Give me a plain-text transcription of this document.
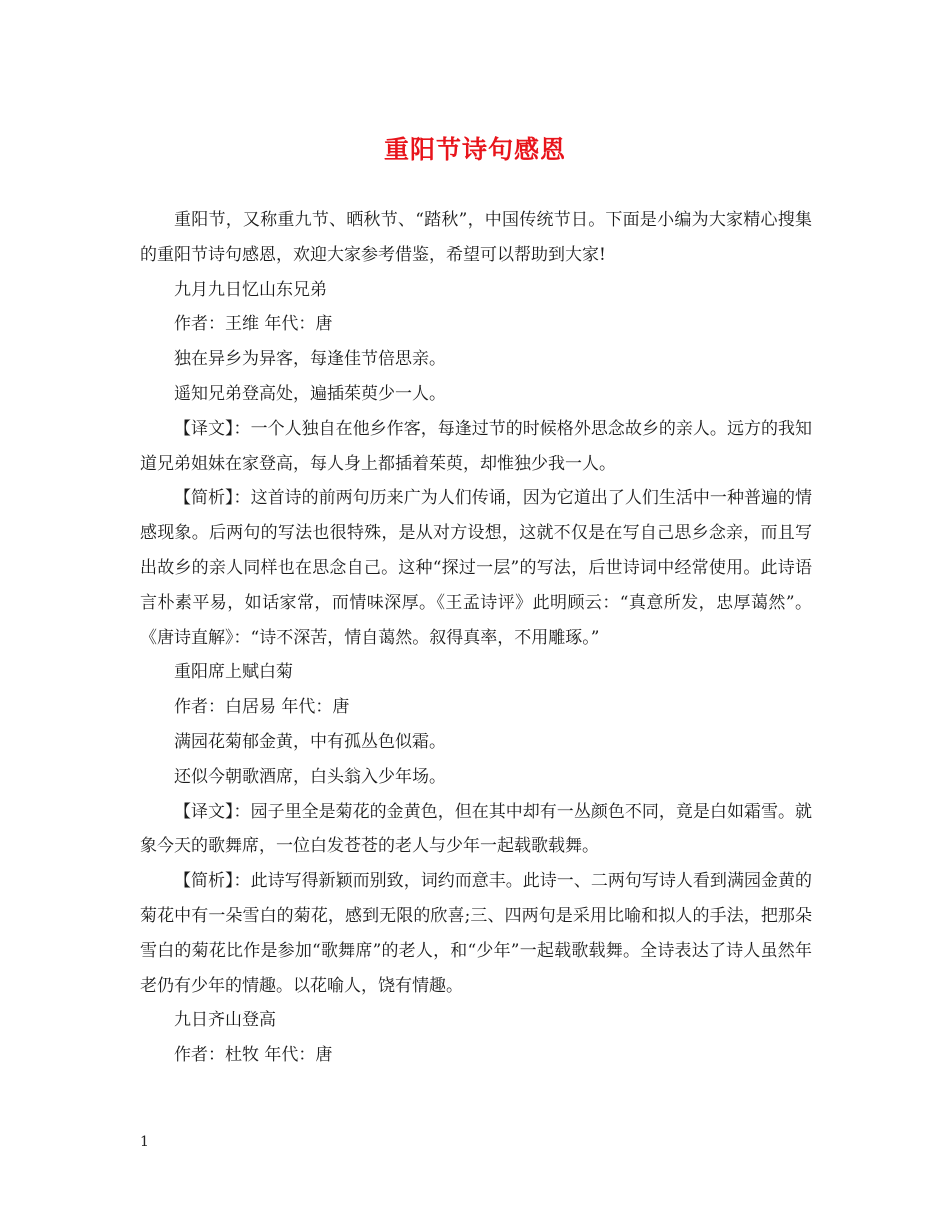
重阳节诗句感恩

重阳节，又称重九节、晒秋节、“踏秋”，中国传统节日。下面是小编为大家精心搜集的重阳节诗句感恩，欢迎大家参考借鉴，希望可以帮助到大家!

九月九日忆山东兄弟

作者：王维 年代：唐

独在异乡为异客，每逢佳节倍思亲。

遥知兄弟登高处，遍插茱萸少一人。

【译文】：一个人独自在他乡作客，每逢过节的时候格外思念故乡的亲人。远方的我知道兄弟姐妹在家登高，每人身上都插着茱萸，却惟独少我一人。

【简析】：这首诗的前两句历来广为人们传诵，因为它道出了人们生活中一种普遍的情感现象。后两句的写法也很特殊，是从对方设想，这就不仅是在写自己思乡念亲，而且写出故乡的亲人同样也在思念自己。这种“探过一层”的写法，后世诗词中经常使用。此诗语言朴素平易，如话家常，而情味深厚。《王孟诗评》此明顾云：“真意所发，忠厚蔼然”。《唐诗直解》：“诗不深苦，情自蔼然。叙得真率，不用雕琢。”

重阳席上赋白菊

作者：白居易 年代：唐

满园花菊郁金黄，中有孤丛色似霜。

还似今朝歌酒席，白头翁入少年场。

【译文】：园子里全是菊花的金黄色，但在其中却有一丛颜色不同，竟是白如霜雪。就象今天的歌舞席，一位白发苍苍的老人与少年一起载歌载舞。

【简析】：此诗写得新颖而别致，词约而意丰。此诗一、二两句写诗人看到满园金黄的菊花中有一朵雪白的菊花，感到无限的欣喜;三、四两句是采用比喻和拟人的手法，把那朵雪白的菊花比作是参加“歌舞席”的老人，和“少年”一起载歌载舞。全诗表达了诗人虽然年老仍有少年的情趣。以花喻人，饶有情趣。

九日齐山登高

作者：杜牧 年代：唐

1
